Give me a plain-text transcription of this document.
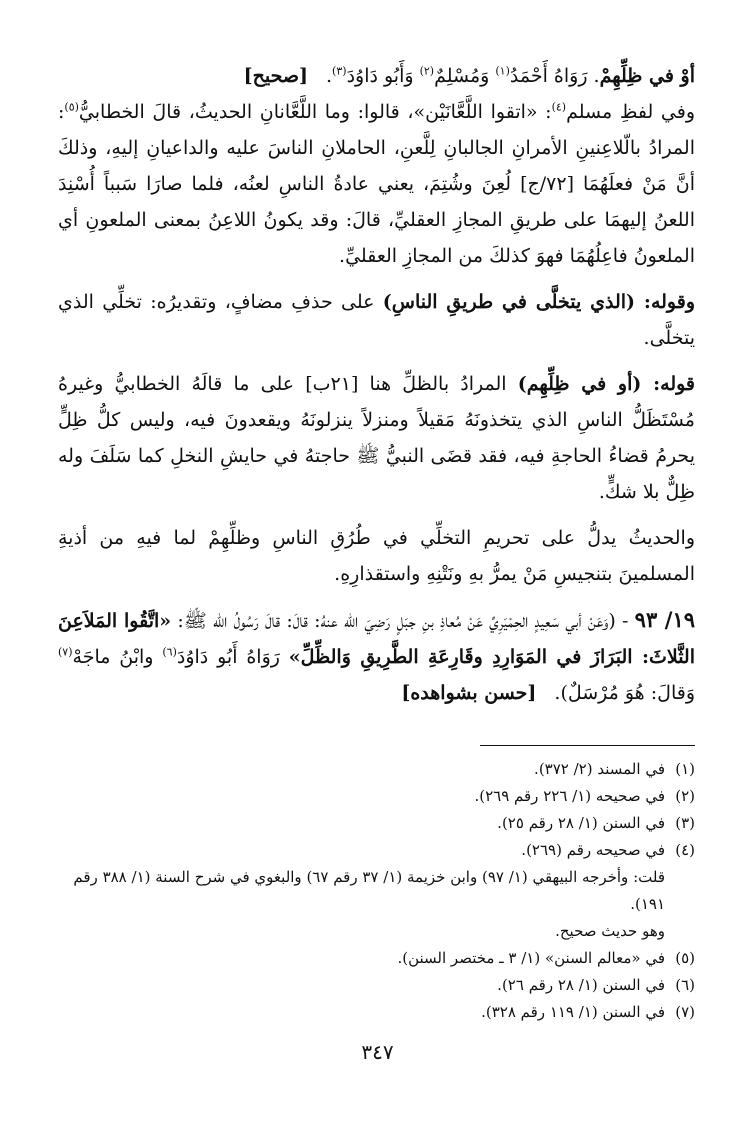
أوْ في ظِلِّهِمْ. رَوَاهُ أَحْمَدُ$^{(١)}$ وَمُسْلِمٌ$^{(٢)}$ وَأَبُو دَاوُدَ$^{(٣)}$.[صحيح]

وفي لفظِ مسلم$^{(٤)}$: «اتقوا اللَّعَّانَيْن»، قالوا: وما اللَّعَّانانِ الحديثُ، قالَ الخطابيُّ$^{(٥)}$: المرادُ بالّلاعِنينِ الأمرانِ الجالبانِ لِلَّعنِ، الحاملانِ الناسَ عليه والداعيانِ إليهِ، وذلكَ أنَّ مَنْ فعلَهُمَا [٧٢/ج] لُعِنَ وشُتِمَ، يعني عادةُ الناسِ لعنُه، فلما صارَا سَبباً أُسْنِدَ اللعنُ إليهمَا على طريقِ المجازِ العقليِّ، قالَ: وقد يكونُ اللاعِنُ بمعنى الملعونِ أي الملعونُ فاعِلُهُمَا فهوَ كذلكَ من المجازِ العقليِّ.

وقوله: (الذي يتخلَّى في طريقِ الناسِ) على حذفِ مضافٍ، وتقديرُه: تخلِّي الذي يتخلَّى.

قوله: (أو في ظِلِّهِم) المرادُ بالظلِّ هنا [٢١ب] على ما قالَهُ الخطابيُّ وغيرهُ مُسْتَظَلُّ الناسِ الذي يتخذونَهُ مَقيلاً ومنزلاً ينزلونَهُ ويقعدونَ فيه، وليس كلُّ ظِلٍّ يحرمُ قضاءُ الحاجةِ فيه، فقد قضَى النبيُّ ﷺ حاجتهُ في حايشِ النخلِ كما سَلَفَ وله ظِلٌّ بلا شكٍّ.

والحديثُ يدلُّ على تحريمِ التخلِّي في طُرُقِ الناسِ وظلِّهِمْ لما فيهِ من أذيةِ المسلمينَ بتنجيسِ مَنْ يمرُّ بهِ ونَتْنِهِ واستقذارِهِ.

١٩/ ٩٣ - (وَعَنْ أبي سَعِيدٍ الحِمْيَرِيِّ عَنْ مُعاذِ بنِ جبَلٍ رَضِيَ الله عنهُ: قالَ: قالَ رَسُولُ الله ﷺ: «اتَّقُوا المَلاَعِنَ الثَّلاثَ: البَرَازَ في المَوَارِدِ وقَارِعَةِ الطَّرِيقِ وَالظِّلِّ» رَوَاهُ أَبُو دَاوُدَ$^{(٦)}$ وابْنُ ماجَهْ$^{(٧)}$ وَقالَ: هُوَ مُرْسَلٌ).[حسن بشواهده]

(١)في المسند (٢/ ٣٧٢).

(٢)في صحيحه (١/ ٢٢٦ رقم ٢٦٩).

(٣)في السنن (١/ ٢٨ رقم ٢٥).

(٤)في صحيحه رقم (٢٦٩).

قلت: وأخرجه البيهقي (١/ ٩٧) وابن خزيمة (١/ ٣٧ رقم ٦٧) والبغوي في شرح السنة (١/ ٣٨٨ رقم ١٩١).

وهو حديث صحيح.

(٥)في «معالم السنن» (١/ ٣ ـ مختصر السنن).

(٦)في السنن (١/ ٢٨ رقم ٢٦).

(٧)في السنن (١/ ١١٩ رقم ٣٢٨).

٣٤٧
